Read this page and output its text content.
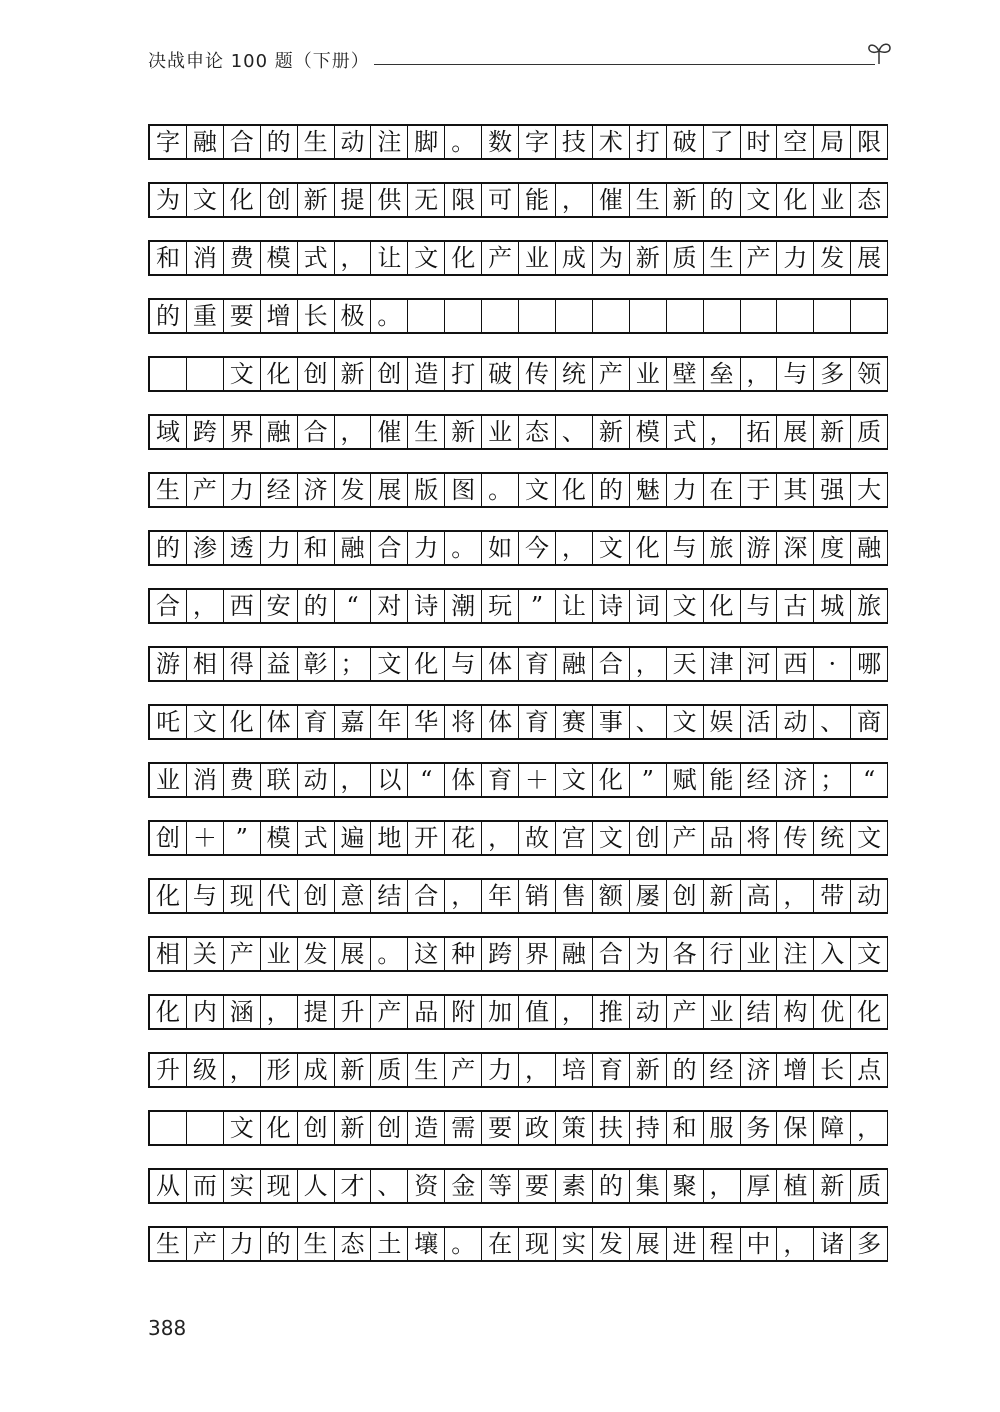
决战申论 100 题（下册）
字 融 合 的 生 动 注 脚 。 数 字 技 术 打 破 了 时 空 局 限
为 文 化 创 新 提 供 无 限 可 能 ， 催 生 新 的 文 化 业 态
和 消 费 模 式 ， 让 文 化 产 业 成 为 新 质 生 产 力 发 展
的 重 要 增 长 极 。
文 化 创 新 创 造 打 破 传 统 产 业 壁 垒 ， 与 多 领
域 跨 界 融 合 ， 催 生 新 业 态 、 新 模 式 ， 拓 展 新 质
生 产 力 经 济 发 展 版 图 。 文 化 的 魅 力 在 于 其 强 大
的 渗 透 力 和 融 合 力 。 如 今 ， 文 化 与 旅 游 深 度 融
合 ， 西 安 的 “ 对 诗 潮 玩 ” 让 诗 词 文 化 与 古 城 旅
游 相 得 益 彰 ； 文 化 与 体 育 融 合 ， 天 津 河 西 · 哪
吒 文 化 体 育 嘉 年 华 将 体 育 赛 事 、 文 娱 活 动 、 商
业 消 费 联 动 ， 以 “ 体 育 ＋ 文 化 ” 赋 能 经 济 ； “
创 ＋ ” 模 式 遍 地 开 花 ， 故 宫 文 创 产 品 将 传 统 文
化 与 现 代 创 意 结 合 ， 年 销 售 额 屡 创 新 高 ， 带 动
相 关 产 业 发 展 。 这 种 跨 界 融 合 为 各 行 业 注 入 文
化 内 涵 ， 提 升 产 品 附 加 值 ， 推 动 产 业 结 构 优 化
升 级 ， 形 成 新 质 生 产 力 ， 培 育 新 的 经 济 增 长 点
文 化 创 新 创 造 需 要 政 策 扶 持 和 服 务 保 障 ，
从 而 实 现 人 才 、 资 金 等 要 素 的 集 聚 ， 厚 植 新 质
生 产 力 的 生 态 土 壤 。 在 现 实 发 展 进 程 中 ， 诸 多
388
